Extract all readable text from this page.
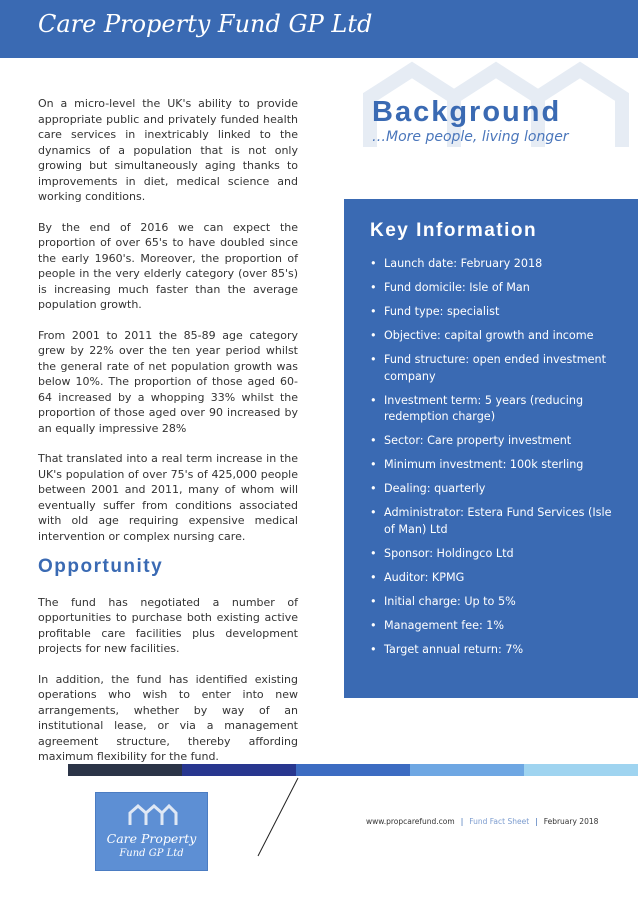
Care Property Fund GP Ltd
Background
…More people, living longer

On a micro-level the UK's ability to provide appropriate public and privately funded health care services in inextricably linked to the dynamics of a population that is not only growing but simultaneously aging thanks to improvements in diet, medical science and working conditions.

By the end of 2016 we can expect the proportion of over 65's to have doubled since the early 1960's. Moreover, the proportion of people in the very elderly category (over 85's) is increasing much faster than the average population growth.

From 2001 to 2011 the 85-89 age category grew by 22% over the ten year period whilst the general rate of net population growth was below 10%. The proportion of those aged 60-64 increased by a whopping 33% whilst the proportion of those aged over 90 increased by an equally impressive 28%

That translated into a real term increase in the UK's population of over 75's of 425,000 people between 2001 and 2011, many of whom will eventually suffer from conditions associated with old age requiring expensive medical intervention or complex nursing care.

Opportunity

The fund has negotiated a number of opportunities to purchase both existing active profitable care facilities plus development projects for new facilities.

In addition, the fund has identified existing operations who wish to enter into new arrangements, whether by way of an institutional lease, or via a management agreement structure, thereby affording maximum flexibility for the fund.

Key Information
• Launch date: February 2018
• Fund domicile: Isle of Man
• Fund type: specialist
• Objective: capital growth and income
• Fund structure: open ended investment company
• Investment term: 5 years (reducing redemption charge)
• Sector: Care property investment
• Minimum investment: 100k sterling
• Dealing: quarterly
• Administrator: Estera Fund Services (Isle of Man) Ltd
• Sponsor: Holdingco Ltd
• Auditor: KPMG
• Initial charge: Up to 5%
• Management fee: 1%
• Target annual return: 7%
Care Property
Fund GP Ltd
www.propcarefund.com | Fund Fact Sheet | February 2018
